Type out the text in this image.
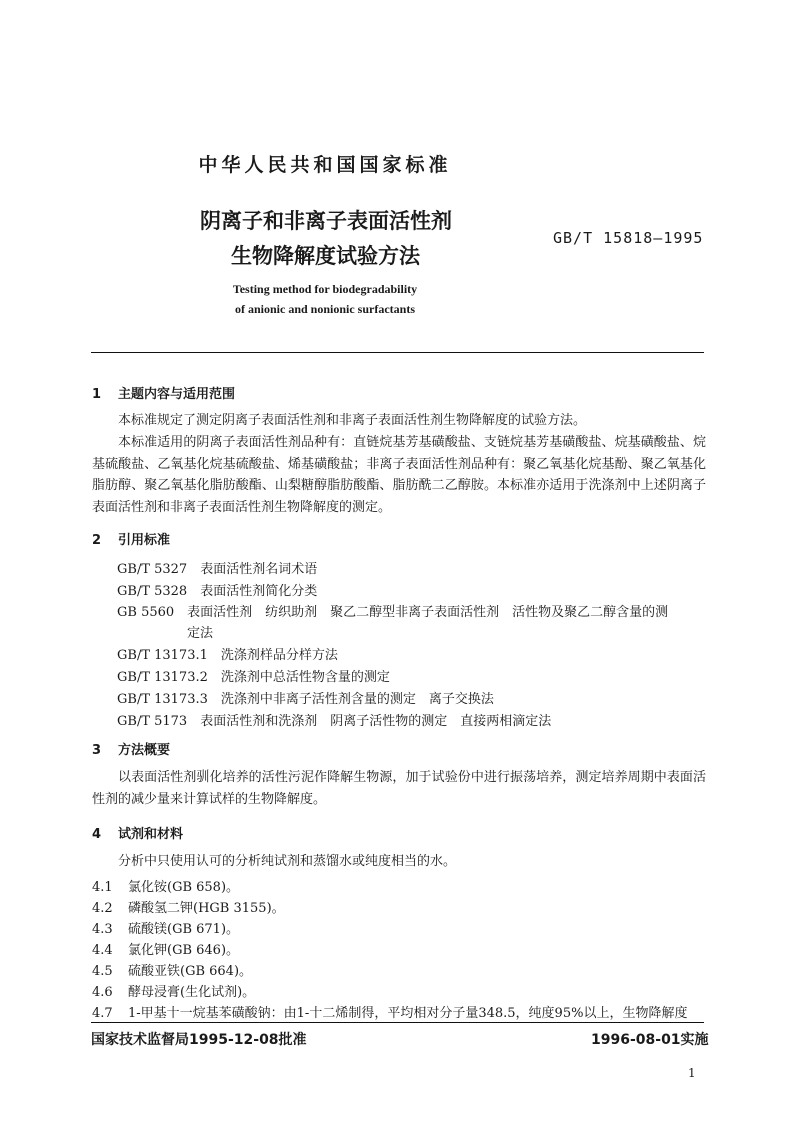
中华人民共和国国家标准
阴离子和非离子表面活性剂
生物降解度试验方法
GB/T 15818—1995
Testing method for biodegradability
of anionic and nonionic surfactants
1 主题内容与适用范围
本标准规定了测定阴离子表面活性剂和非离子表面活性剂生物降解度的试验方法。
本标准适用的阴离子表面活性剂品种有：直链烷基芳基磺酸盐、支链烷基芳基磺酸盐、烷基磺酸盐、烷基硫酸盐、乙氧基化烷基硫酸盐、烯基磺酸盐；非离子表面活性剂品种有：聚乙氧基化烷基酚、聚乙氧基化脂肪醇、聚乙氧基化脂肪酸酯、山梨糖醇脂肪酸酯、脂肪酰二乙醇胺。本标准亦适用于洗涤剂中上述阴离子表面活性剂和非离子表面活性剂生物降解度的测定。
2 引用标准
GB/T 5327　表面活性剂名词术语
GB/T 5328　表面活性剂简化分类
GB 5560　表面活性剂　纺织助剂　聚乙二醇型非离子表面活性剂　活性物及聚乙二醇含量的测
定法
GB/T 13173.1　洗涤剂样品分样方法
GB/T 13173.2　洗涤剂中总活性物含量的测定
GB/T 13173.3　洗涤剂中非离子活性剂含量的测定　离子交换法
GB/T 5173　表面活性剂和洗涤剂　阴离子活性物的测定　直接两相滴定法
3 方法概要
以表面活性剂驯化培养的活性污泥作降解生物源，加于试验份中进行振荡培养，测定培养周期中表面活性剂的减少量来计算试样的生物降解度。
4 试剂和材料
分析中只使用认可的分析纯试剂和蒸馏水或纯度相当的水。
4.1 氯化铵(GB 658)。
4.2 磷酸氢二钾(HGB 3155)。
4.3 硫酸镁(GB 671)。
4.4 氯化钾(GB 646)。
4.5 硫酸亚铁(GB 664)。
4.6 酵母浸膏(生化试剂)。
4.7 1-甲基十一烷基苯磺酸钠：由1-十二烯制得，平均相对分子量348.5，纯度95%以上，生物降解度
国家技术监督局1995-12-08批准	1996-08-01实施
1
